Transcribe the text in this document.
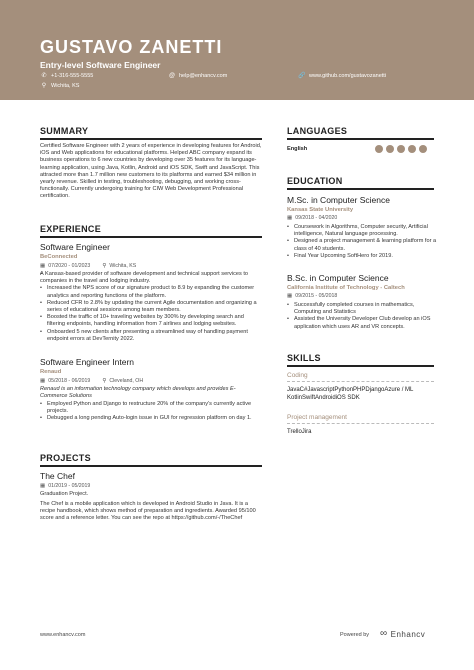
GUSTAVO ZANETTI
Entry-level Software Engineer
✆ +1-316-555-5555	@ help@enhancv.com	🔗 www.github.com/gustavozanetti
⚲ Wichita, KS
SUMMARY
Certified Software Engineer with 2 years of experience in developing features for Android, iOS and Web applications for educational platforms. Helped ABC company expand its business operations to 6 new countries by developing over 35 features for its language-learning application, using Java, Kotlin, Android and iOS SDK, Swift and JavaScript. This attracted more than 1.7 million new customers to its platforms and earned $34 million in yearly revenue. Skilled in testing, troubleshooting, debugging, and working cross-functionally. Currently undergoing training for CIW Web Development Professional certification.
EXPERIENCE
Software Engineer
BeConnected
▦ 07/2020 - 01/2023 ⚲ Wichita, KS
• A Kansas-based provider of software development and technical support services to companies in the travel and lodging industry.
• Increased the NPS score of our signature product to 8.9 by expanding the customer analytics and reporting functions of the platform.
• Reduced CFR to 2.8% by updating the current Agile documentation and organizing a series of educational sessions among team members.
• Boosted the traffic of 10+ traveling websites by 300% by developing search and filtering endpoints, handling information from 7 airlines and lodging websites.
• Onboarded 5 new clients after presenting a streamlined way of handling payment endpoint errors at DevTernity 2022.
Software Engineer Intern
Renaud
▦ 05/2018 - 06/2019 ⚲ Cleveland, OH
Renaud is an information technology company which develops and provides E-Commerce Solutions
• Employed Python and Django to restructure 20% of the company's currently active projects.
• Debugged a long pending Auto-login issue in GUI for regression platform on day 1.
PROJECTS
The Chef
▦ 01/2019 - 05/2019
Graduation Project.
The Chef is a mobile application which is developed in Android Studio in Java. It is a recipe handbook, which shows method of preparation and ingredients. Awarded 95/100 score and a reference letter. You can see the repo at https://github.com/-/TheChef
LANGUAGES
English
EDUCATION
M.Sc. in Computer Science
Kansas State University
▦ 09/2018 - 04/2020
• Coursework in Algorithms, Computer security, Artificial intelligence, Natural language processing.
• Designed a project management & learning platform for a class of 40 students.
• Final Year Upcoming SoftHero for 2019.
B.Sc. in Computer Science
California Institute of Technology - Caltech
▦ 09/2015 - 05/2018
• Successfully completed courses in mathematics, Computing and Statistics
• Assisted the University Developer Club develop an iOS application which uses AR and VR concepts.
SKILLS
Coding
JavaC#JavascriptPythonPHPDjangoAzure / ML KotlinSwiftAndroidiOS SDK
Project management
TrelloJira
www.enhancv.com	Powered by ∞ Enhancv
